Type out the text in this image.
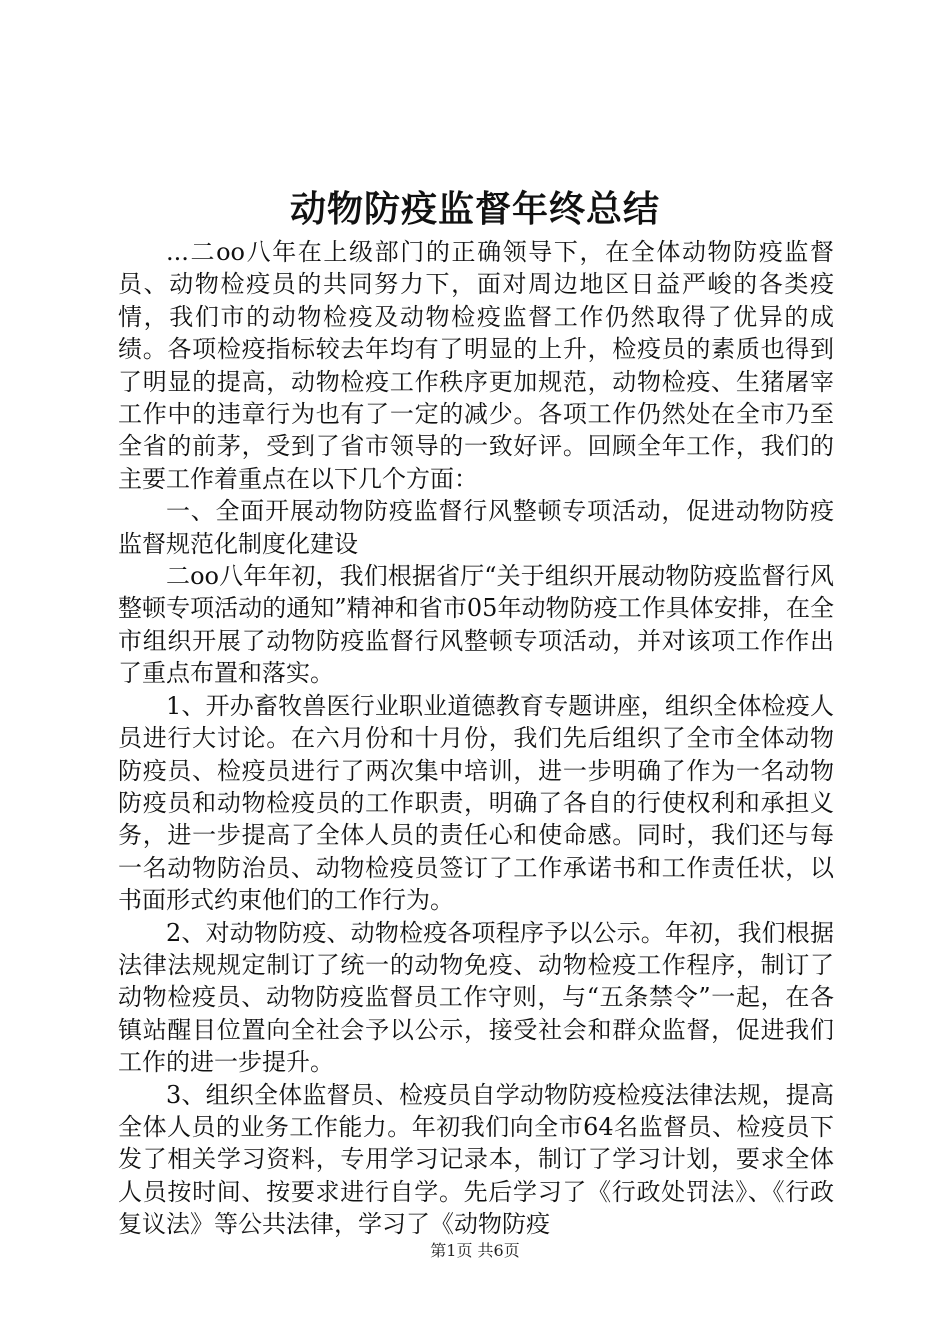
动物防疫监督年终总结

...二oo八年在上级部门的正确领导下，在全体动物防疫监督员、动物检疫员的共同努力下，面对周边地区日益严峻的各类疫情，我们市的动物检疫及动物检疫监督工作仍然取得了优异的成绩。各项检疫指标较去年均有了明显的上升，检疫员的素质也得到了明显的提高，动物检疫工作秩序更加规范，动物检疫、生猪屠宰工作中的违章行为也有了一定的减少。各项工作仍然处在全市乃至全省的前茅，受到了省市领导的一致好评。回顾全年工作，我们的主要工作着重点在以下几个方面：

一、全面开展动物防疫监督行风整顿专项活动，促进动物防疫监督规范化制度化建设

二oo八年年初，我们根据省厅“关于组织开展动物防疫监督行风整顿专项活动的通知”精神和省市05年动物防疫工作具体安排，在全市组织开展了动物防疫监督行风整顿专项活动，并对该项工作作出了重点布置和落实。

1、开办畜牧兽医行业职业道德教育专题讲座，组织全体检疫人员进行大讨论。在六月份和十月份，我们先后组织了全市全体动物防疫员、检疫员进行了两次集中培训，进一步明确了作为一名动物防疫员和动物检疫员的工作职责，明确了各自的行使权利和承担义务，进一步提高了全体人员的责任心和使命感。同时，我们还与每一名动物防治员、动物检疫员签订了工作承诺书和工作责任状，以书面形式约束他们的工作行为。

2、对动物防疫、动物检疫各项程序予以公示。年初，我们根据法律法规规定制订了统一的动物免疫、动物检疫工作程序，制订了动物检疫员、动物防疫监督员工作守则，与“五条禁令”一起，在各镇站醒目位置向全社会予以公示，接受社会和群众监督，促进我们工作的进一步提升。

3、组织全体监督员、检疫员自学动物防疫检疫法律法规，提高全体人员的业务工作能力。年初我们向全市64名监督员、检疫员下发了相关学习资料，专用学习记录本，制订了学习计划，要求全体人员按时间、按要求进行自学。先后学习了《行政处罚法》、《行政复议法》等公共法律，学习了《动物防疫

第1页 共6页
